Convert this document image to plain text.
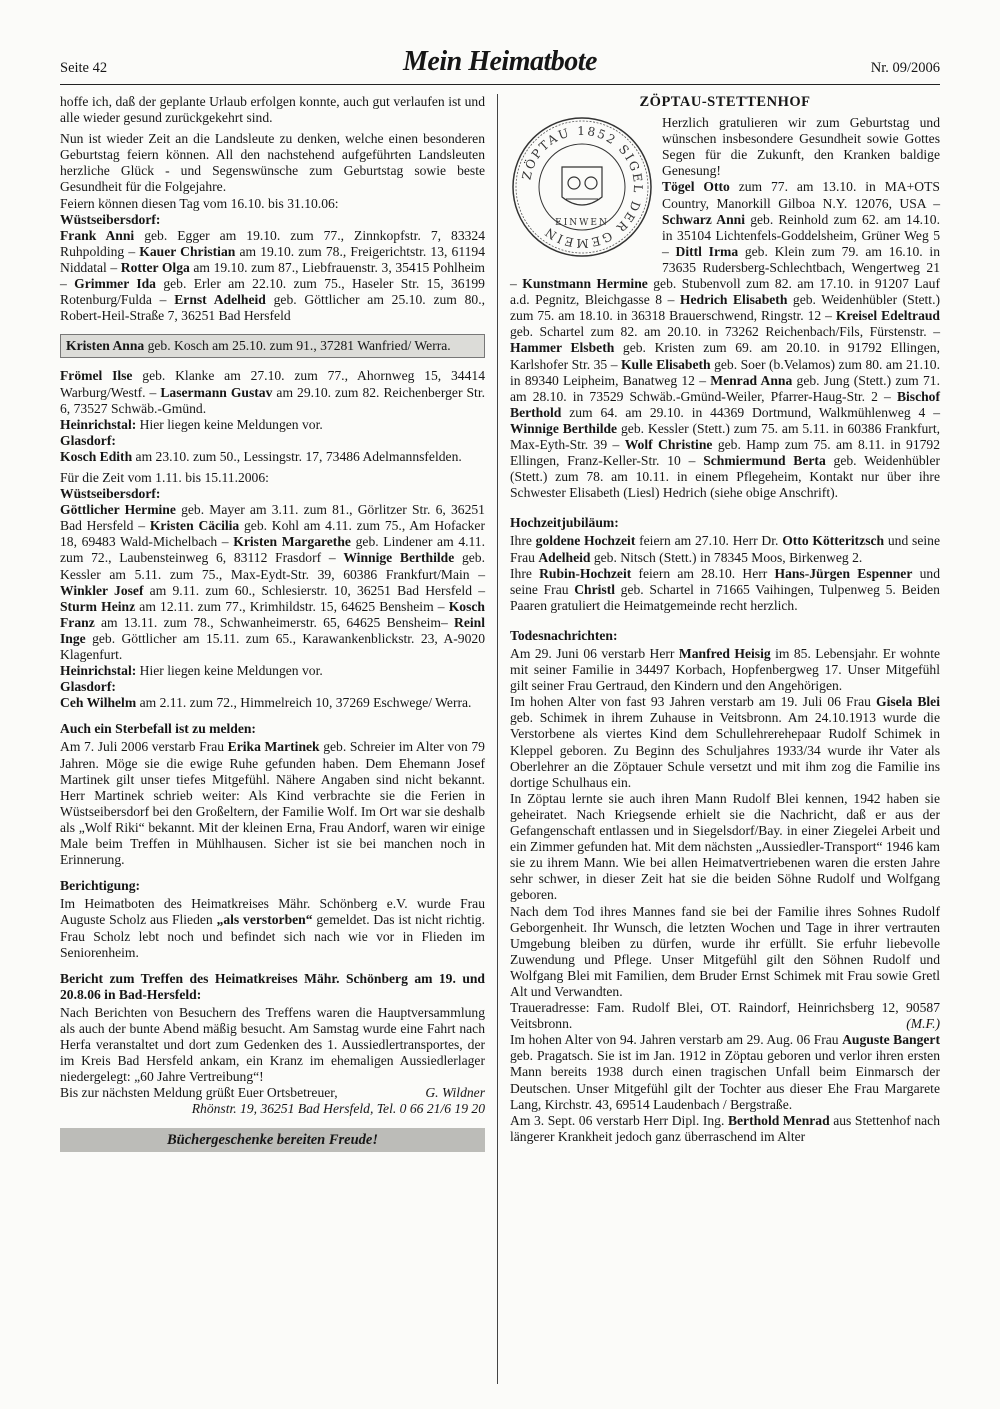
Seite 42	Mein Heimatbote	Nr. 09/2006

hoffe ich, daß der geplante Urlaub erfolgen konnte, auch gut verlaufen ist und alle wieder gesund zurückgekehrt sind.

Nun ist wieder Zeit an die Landsleute zu denken, welche einen besonderen Geburtstag feiern können. All den nachstehend aufgeführten Landsleuten herzliche Glück - und Segenswünsche zum Geburtstag sowie beste Gesundheit für die Folgejahre.

Feiern können diesen Tag vom 16.10. bis 31.10.06:

Wüstseibersdorf:

Frank Anni geb. Egger am 19.10. zum 77., Zinnkopfstr. 7, 83324 Ruhpolding – Kauer Christian am 19.10. zum 78., Freigerichtstr. 13, 61194 Niddatal – Rotter Olga am 19.10. zum 87., Liebfrauenstr. 3, 35415 Pohlheim – Grimmer Ida geb. Erler am 22.10. zum 75., Haseler Str. 15, 36199 Rotenburg/Fulda – Ernst Adelheid geb. Göttlicher am 25.10. zum 80., Robert-Heil-Straße 7, 36251 Bad Hersfeld

Kristen Anna geb. Kosch am 25.10. zum 91., 37281 Wanfried/ Werra.

Frömel Ilse geb. Klanke am 27.10. zum 77., Ahornweg 15, 34414 Warburg/Westf. – Lasermann Gustav am 29.10. zum 82. Reichenberger Str. 6, 73527 Schwäb.-Gmünd.

Heinrichstal: Hier liegen keine Meldungen vor.
Glasdorf:

Kosch Edith am 23.10. zum 50., Lessingstr. 17, 73486 Adelmannsfelden.

Für die Zeit vom 1.11. bis 15.11.2006:

Wüstseibersdorf:

Göttlicher Hermine geb. Mayer am 3.11. zum 81., Görlitzer Str. 6, 36251 Bad Hersfeld – Kristen Cäcilia geb. Kohl am 4.11. zum 75., Am Hofacker 18, 69483 Wald-Michelbach – Kristen Margarethe geb. Lindener am 4.11. zum 72., Laubensteinweg 6, 83112 Frasdorf – Winnige Berthilde geb. Kessler am 5.11. zum 75., Max-Eydt-Str. 39, 60386 Frankfurt/Main – Winkler Josef am 9.11. zum 60., Schlesierstr. 10, 36251 Bad Hersfeld – Sturm Heinz am 12.11. zum 77., Krimhildstr. 15, 64625 Bensheim – Kosch Franz am 13.11. zum 78., Schwanheimerstr. 65, 64625 Bensheim– Reinl Inge geb. Göttlicher am 15.11. zum 65., Karawankenblickstr. 23, A-9020 Klagenfurt.

Heinrichstal: Hier liegen keine Meldungen vor.
Glasdorf:

Ceh Wilhelm am 2.11. zum 72., Himmelreich 10, 37269 Eschwege/ Werra.

Auch ein Sterbefall ist zu melden:

Am 7. Juli 2006 verstarb Frau Erika Martinek geb. Schreier im Alter von 79 Jahren. Möge sie die ewige Ruhe gefunden haben. Dem Ehemann Josef Martinek gilt unser tiefes Mitgefühl. Nähere Angaben sind nicht bekannt. Herr Martinek schrieb weiter: Als Kind verbrachte sie die Ferien in Wüstseibersdorf bei den Großeltern, der Familie Wolf. Im Ort war sie deshalb als „Wolf Riki“ bekannt. Mit der kleinen Erna, Frau Andorf, waren wir einige Male beim Treffen in Mühlhausen. Sicher ist sie bei manchen noch in Erinnerung.

Berichtigung:

Im Heimatboten des Heimatkreises Mähr. Schönberg e.V. wurde Frau Auguste Scholz aus Flieden „als verstorben“ gemeldet. Das ist nicht richtig. Frau Scholz lebt noch und befindet sich nach wie vor in Flieden im Seniorenheim.

Bericht zum Treffen des Heimatkreises Mähr. Schönberg am 19. und 20.8.06 in Bad-Hersfeld:

Nach Berichten von Besuchern des Treffens waren die Hauptversammlung als auch der bunte Abend mäßig besucht. Am Samstag wurde eine Fahrt nach Herfa veranstaltet und dort zum Gedenken des 1. Aussiedlertransportes, der im Kreis Bad Hersfeld ankam, ein Kranz im ehemaligen Aussiedlerlager niedergelegt: „60 Jahre Vertreibung“!

Bis zur nächsten Meldung grüßt Euer Ortsbetreuer,	G. Wildner
Rhönstr. 19, 36251 Bad Hersfeld, Tel. 0 66 21/6 19 20
Büchergeschenke bereiten Freude!
ZÖPTAU-STETTENHOF
ZÖPTAU 1852 SIGEL DER GEMEIN
EINWEN

Herzlich gratulieren wir zum Geburtstag und wünschen insbesondere Gesundheit sowie Gottes Segen für die Zukunft, den Kranken baldige Genesung!
Tögel Otto zum 77. am 13.10. in MA+OTS Country, Manorkill Gilboa N.Y. 12076, USA – Schwarz Anni geb. Reinhold zum 62. am 14.10. in 35104 Lichtenfels-Goddelsheim, Grüner Weg 5 – Dittl Irma geb. Klein zum 79. am 16.10. in 73635 Rudersberg-Schlechtbach, Wengertweg 21 – Kunstmann Hermine geb. Stubenvoll zum 82. am 17.10. in 91207 Lauf a.d. Pegnitz, Bleichgasse 8 – Hedrich Elisabeth geb. Weidenhübler (Stett.) zum 75. am 18.10. in 36318 Brauerschwend, Ringstr. 12 – Kreisel Edeltraud geb. Schartel zum 82. am 20.10. in 73262 Reichenbach/Fils, Fürstenstr. – Hammer Elsbeth geb. Kristen zum 69. am 20.10. in 91792 Ellingen, Karlshofer Str. 35 – Kulle Elisabeth geb. Soer (b.Velamos) zum 80. am 21.10. in 89340 Leipheim, Banatweg 12 – Menrad Anna geb. Jung (Stett.) zum 71. am 28.10. in 73529 Schwäb.-Gmünd-Weiler, Pfarrer-Haug-Str. 2 – Bischof Berthold zum 64. am 29.10. in 44369 Dortmund, Walkmühlenweg 4 – Winnige Berthilde geb. Kessler (Stett.) zum 75. am 5.11. in 60386 Frankfurt, Max-Eyth-Str. 39 – Wolf Christine geb. Hamp zum 75. am 8.11. in 91792 Ellingen, Franz-Keller-Str. 10 – Schmiermund Berta geb. Weidenhübler (Stett.) zum 78. am 10.11. in einem Pflegeheim, Kontakt nur über ihre Schwester Elisabeth (Liesl) Hedrich (siehe obige Anschrift).

Hochzeitjubiläum:

Ihre goldene Hochzeit feiern am 27.10. Herr Dr. Otto Kötteritzsch und seine Frau Adelheid geb. Nitsch (Stett.) in 78345 Moos, Birkenweg 2.

Ihre Rubin-Hochzeit feiern am 28.10. Herr Hans-Jürgen Espenner und seine Frau Christl geb. Schartel in 71665 Vaihingen, Tulpenweg 5. Beiden Paaren gratuliert die Heimatgemeinde recht herzlich.

Todesnachrichten:

Am 29. Juni 06 verstarb Herr Manfred Heisig im 85. Lebensjahr. Er wohnte mit seiner Familie in 34497 Korbach, Hopfenbergweg 17. Unser Mitgefühl gilt seiner Frau Gertraud, den Kindern und den Angehörigen.

Im hohen Alter von fast 93 Jahren verstarb am 19. Juli 06 Frau Gisela Blei geb. Schimek in ihrem Zuhause in Veitsbronn. Am 24.10.1913 wurde die Verstorbene als viertes Kind dem Schullehrerehepaar Rudolf Schimek in Kleppel geboren. Zu Beginn des Schuljahres 1933/34 wurde ihr Vater als Oberlehrer an die Zöptauer Schule versetzt und mit ihm zog die Familie ins dortige Schulhaus ein.

In Zöptau lernte sie auch ihren Mann Rudolf Blei kennen, 1942 haben sie geheiratet. Nach Kriegsende erhielt sie die Nachricht, daß er aus der Gefangenschaft entlassen und in Siegelsdorf/Bay. in einer Ziegelei Arbeit und ein Zimmer gefunden hat. Mit dem nächsten „Aussiedler-Transport“ 1946 kam sie zu ihrem Mann. Wie bei allen Heimatvertriebenen waren die ersten Jahre sehr schwer, in dieser Zeit hat sie die beiden Söhne Rudolf und Wolfgang geboren.

Nach dem Tod ihres Mannes fand sie bei der Familie ihres Sohnes Rudolf Geborgenheit. Ihr Wunsch, die letzten Wochen und Tage in ihrer vertrauten Umgebung bleiben zu dürfen, wurde ihr erfüllt. Sie erfuhr liebevolle Zuwendung und Pflege. Unser Mitgefühl gilt den Söhnen Rudolf und Wolfgang Blei mit Familien, dem Bruder Ernst Schimek mit Frau sowie Gretl Alt und Verwandten.

Traueradresse: Fam. Rudolf Blei, OT. Raindorf, Heinrichsberg 12, 90587 Veitsbronn.	(M.F.)

Im hohen Alter von 94. Jahren verstarb am 29. Aug. 06 Frau Auguste Bangert geb. Pragatsch. Sie ist im Jan. 1912 in Zöptau geboren und verlor ihren ersten Mann bereits 1938 durch einen tragischen Unfall beim Einmarsch der Deutschen. Unser Mitgefühl gilt der Tochter aus dieser Ehe Frau Margarete Lang, Kirchstr. 43, 69514 Laudenbach / Bergstraße.

Am 3. Sept. 06 verstarb Herr Dipl. Ing. Berthold Menrad aus Stettenhof nach längerer Krankheit jedoch ganz überraschend im Alter
